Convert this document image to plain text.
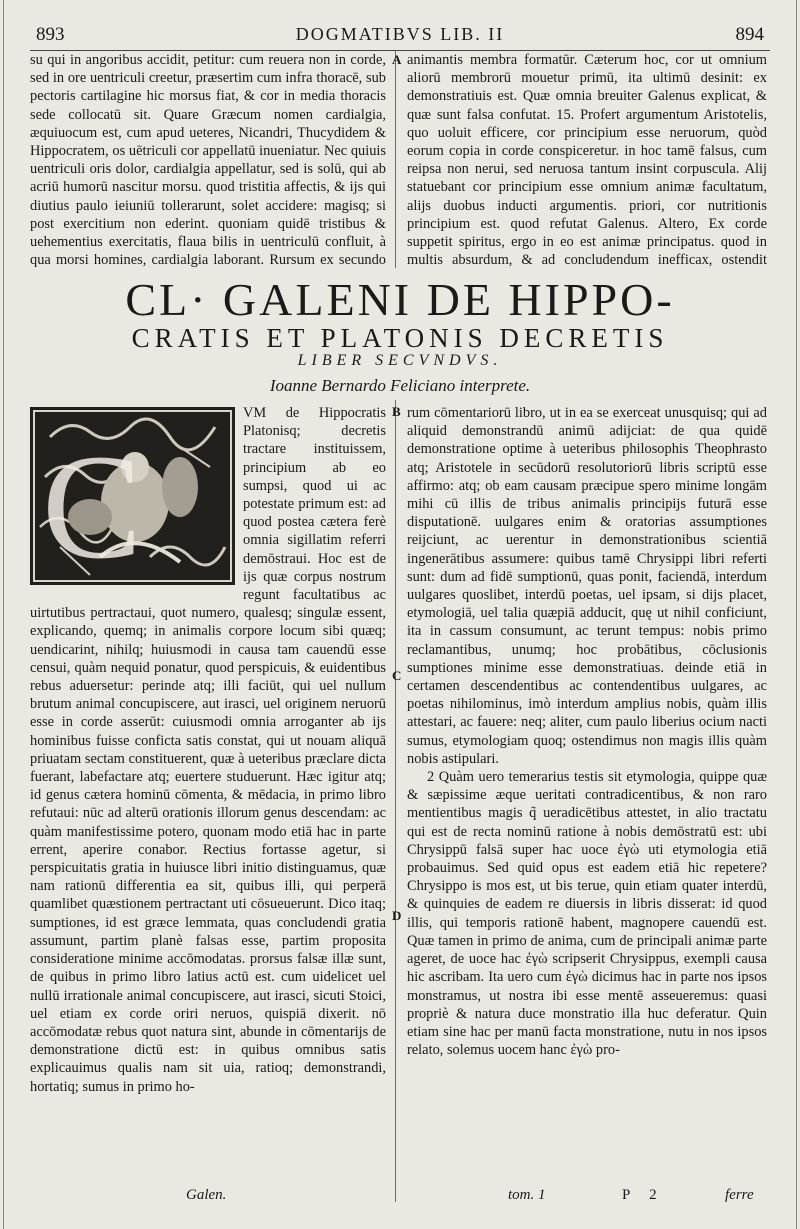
893	DOGMATIBVS LIB. II	894
A
B
C
D

su qui in angoribus accidit, petitur: cum reuera non in corde, sed in ore uentriculi creetur, præsertim cum infra thoracē, sub pectoris cartilagine hic morsus fiat, & cor in media thoracis sede collocatū sit. Quare Græcum nomen cardialgia, æquiuocum est, cum apud ueteres, Nicandri, Thucydidem & Hippocratem, os uētriculi cor appellatū inueniatur. Nec quiuis uentriculi oris dolor, cardialgia appellatur, sed is solū, qui ab acriū humorū nascitur morsu. quod tristitia affectis, & ijs qui diutius paulo ieiuniū tollerarunt, solet accidere: magisq; si post exercitium non ederint. quoniam quidē tristibus & uehementius exercitatis, flaua bilis in uentriculū confluit, à qua morsi homines, cardialgia laborant. Rursum ex secundo

animantis membra formatūr. Cæterum hoc, cor ut omnium aliorū membrorū mouetur primū, ita ultimū desinit: ex demonstratiuis est. Quæ omnia breuiter Galenus explicat, & quæ sunt falsa confutat. 15. Profert argumentum Aristotelis, quo uoluit efficere, cor principium esse neruorum, quòd eorum copia in corde conspiceretur. in hoc tamē falsus, cum reipsa non nerui, sed neruosa tantum insint corpuscula. Alij statuebant cor principium esse omnium animæ facultatum, alijs duobus inducti argumentis. priori, cor nutritionis principium est. quod refutat Galenus. Altero, Ex corde suppetit spiritus, ergo in eo est animæ principatus. quod in multis absurdum, & ad concludendum inefficax, ostendit

CL· GALENI DE HIPPO-
CRATIS ET PLATONIS DECRETIS
LIBER SECVNDVS.
Ioanne Bernardo Feliciano interprete.
C

VM de Hippocratis Platonisq; decretis tractare instituissem, principium ab eo sumpsi, quod ui ac potestate primum est: ad quod postea cætera ferè omnia sigillatim referri demōstraui. Hoc est de ijs quæ corpus nostrum regunt facultatibus ac uirtutibus pertractaui, quot numero, qualesq; singulæ essent, explicando, quemq; in animalis corpore locum sibi quæq; uendicarint, nihilq; huiusmodi in causa tam cauendū esse censui, quàm nequid ponatur, quod perspicuis, & euidentibus rebus aduersetur: perinde atq; illi faciūt, qui uel nullum brutum animal concupiscere, aut irasci, uel originem neruorū esse in corde asserūt: cuiusmodi omnia arroganter ab ijs hominibus fuisse conficta satis constat, qui ut nouam aliquā priuatam sectam constituerent, quæ à ueteribus præclare dicta fuerant, labefactare atq; euertere studuerunt. Hæc igitur atq; id genus cætera hominū cōmenta, & mēdacia, in primo libro refutaui: nūc ad alterū orationis illorum genus descendam: ac quàm manifestissime potero, quonam modo etiā hac in parte errent, aperire conabor. Rectius fortasse agetur, si perspicuitatis gratia in huiusce libri initio distinguamus, quæ nam rationū differentia ea sit, quibus illi, qui perperā quamlibet quæstionem pertractant uti cōsueuerunt. Dico itaq; sumptiones, id est græce lemmata, quas concludendi gratia assumunt, partim planè falsas esse, partim proposita consideratione minime accōmodatas. prorsus falsæ illæ sunt, de quibus in primo libro latius actū est. cum uidelicet uel nullū irrationale animal concupiscere, aut irasci, sicuti Stoici, uel etiam ex corde oriri neruos, quispiā dixerit. nō accōmodatæ rebus quot natura sint, abunde in cōmentarijs de demonstratione dictū est: in quibus omnibus satis explicauimus qualis nam sit uia, ratioq; demonstrandi, hortatiq; sumus in primo ho-

rum cōmentariorū libro, ut in ea se exerceat unusquisq; qui ad aliquid demonstrandū animū adijciat: de qua quidē demonstratione optime à ueteribus philosophis Theophrasto atq; Aristotele in secūdorū resolutoriorū libris scriptū esse affirmo: atq; ob eam causam præcipue spero minime longām mihi cū illis de tribus animalis principijs futurā esse disputationē. uulgares enim & oratorias assumptiones reijciunt, ac uerentur in demonstrationibus scientiā ingenerātibus assumere: quibus tamē Chrysippi libri referti sunt: dum ad fidē sumptionū, quas ponit, faciendā, interdum uulgares quoslibet, interdū poetas, uel ipsam, si dijs placet, etymologiā, uel talia quæpiā adducit, quę ut nihil conficiunt, ita in cassum consumunt, ac terunt tempus: nobis primo reclamantibus, unumq; hoc probātibus, cōclusionis sumptiones minime esse demonstratiuas. deinde etiā in certamen descendentibus ac contendentibus uulgares, ac poetas nihilominus, imò interdum amplius nobis, quàm illis attestari, ac fauere: neq; aliter, cum paulo liberius ocium nacti sumus, etymologiam quoq; ostendimus non magis illis quàm nobis astipulari.

2 Quàm uero temerarius testis sit etymologia, quippe quæ & sæpissime æque ueritati contradicentibus, & non raro mentientibus magis q̃ ueradicētibus attestet, in alio tractatu qui est de recta nominū ratione à nobis demōstratū est: ubi Chrysippū falsā super hac uoce ἐγὼ uti etymologia etiā probauimus. Sed quid opus est eadem etiā hic repetere? Chrysippo is mos est, ut bis terue, quin etiam quater interdū, & quinquies de eadem re diuersis in libris disserat: id quod illis, qui temporis rationē habent, magnopere cauendū est. Quæ tamen in primo de anima, cum de principali animæ parte ageret, de uoce hac ἐγὼ scripserit Chrysippus, exempli causa hic ascribam. Ita uero cum ἐγὼ dicimus hac in parte nos ipsos monstramus, ut nostra ibi esse mentē asseueremus: quasi propriè & natura duce monstratio illa huc deferatur. Quin etiam sine hac per manū facta monstratione, nutu in nos ipsos relato, solemus uocem hanc ἐγὼ pro-

Galen.	tom. 1	P 2	ferre
